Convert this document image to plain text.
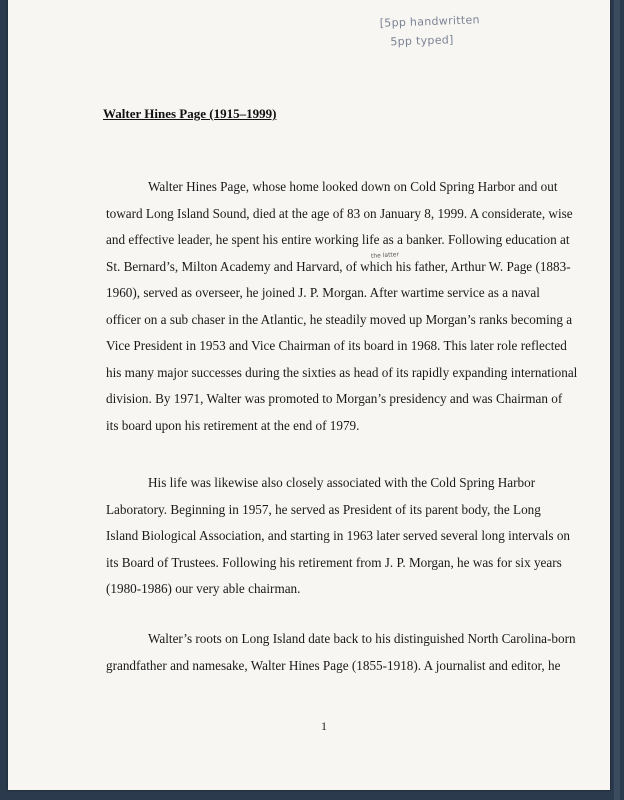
[5pp handwritten
5pp typed]
Walter Hines Page (1915–1999)
the latter
Walter Hines Page, whose home looked down on Cold Spring Harbor and out
toward Long Island Sound, died at the age of 83 on January 8, 1999. A considerate, wise
and effective leader, he spent his entire working life as a banker. Following education at
St. Bernard’s, Milton Academy and Harvard, of which his father, Arthur W. Page (1883-
1960), served as overseer, he joined J. P. Morgan. After wartime service as a naval
officer on a sub chaser in the Atlantic, he steadily moved up Morgan’s ranks becoming a
Vice President in 1953 and Vice Chairman of its board in 1968. This later role reflected
his many major successes during the sixties as head of its rapidly expanding international
division. By 1971, Walter was promoted to Morgan’s presidency and was Chairman of
its board upon his retirement at the end of 1979.
His life was likewise also closely associated with the Cold Spring Harbor
Laboratory. Beginning in 1957, he served as President of its parent body, the Long
Island Biological Association, and starting in 1963 later served several long intervals on
its Board of Trustees. Following his retirement from J. P. Morgan, he was for six years
(1980-1986) our very able chairman.
Walter’s roots on Long Island date back to his distinguished North Carolina-born
grandfather and namesake, Walter Hines Page (1855-1918). A journalist and editor, he
1
